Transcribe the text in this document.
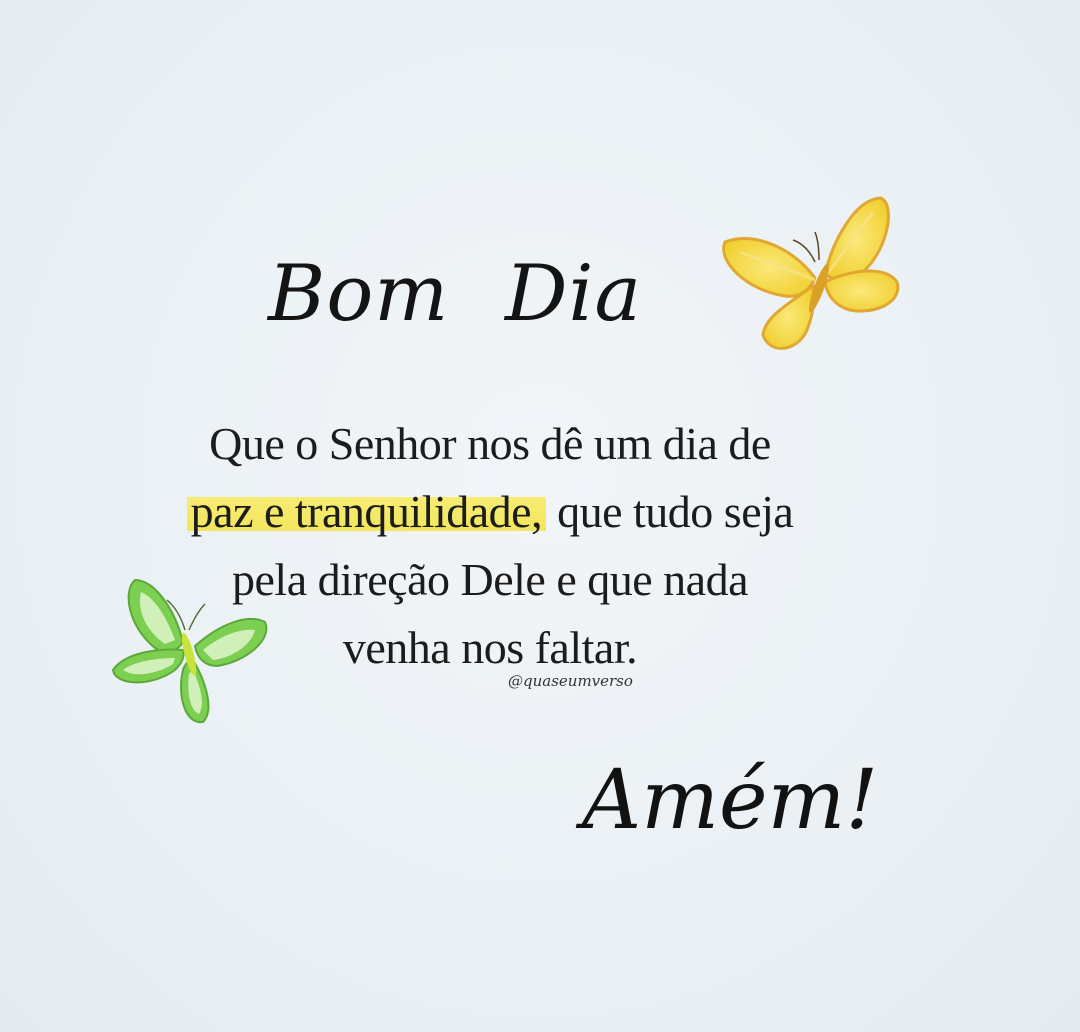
Bom Dia
Que o Senhor nos dê um dia de
paz e tranquilidade, que tudo seja
pela direção Dele e que nada
venha nos faltar.
@quaseumverso
Amém!
